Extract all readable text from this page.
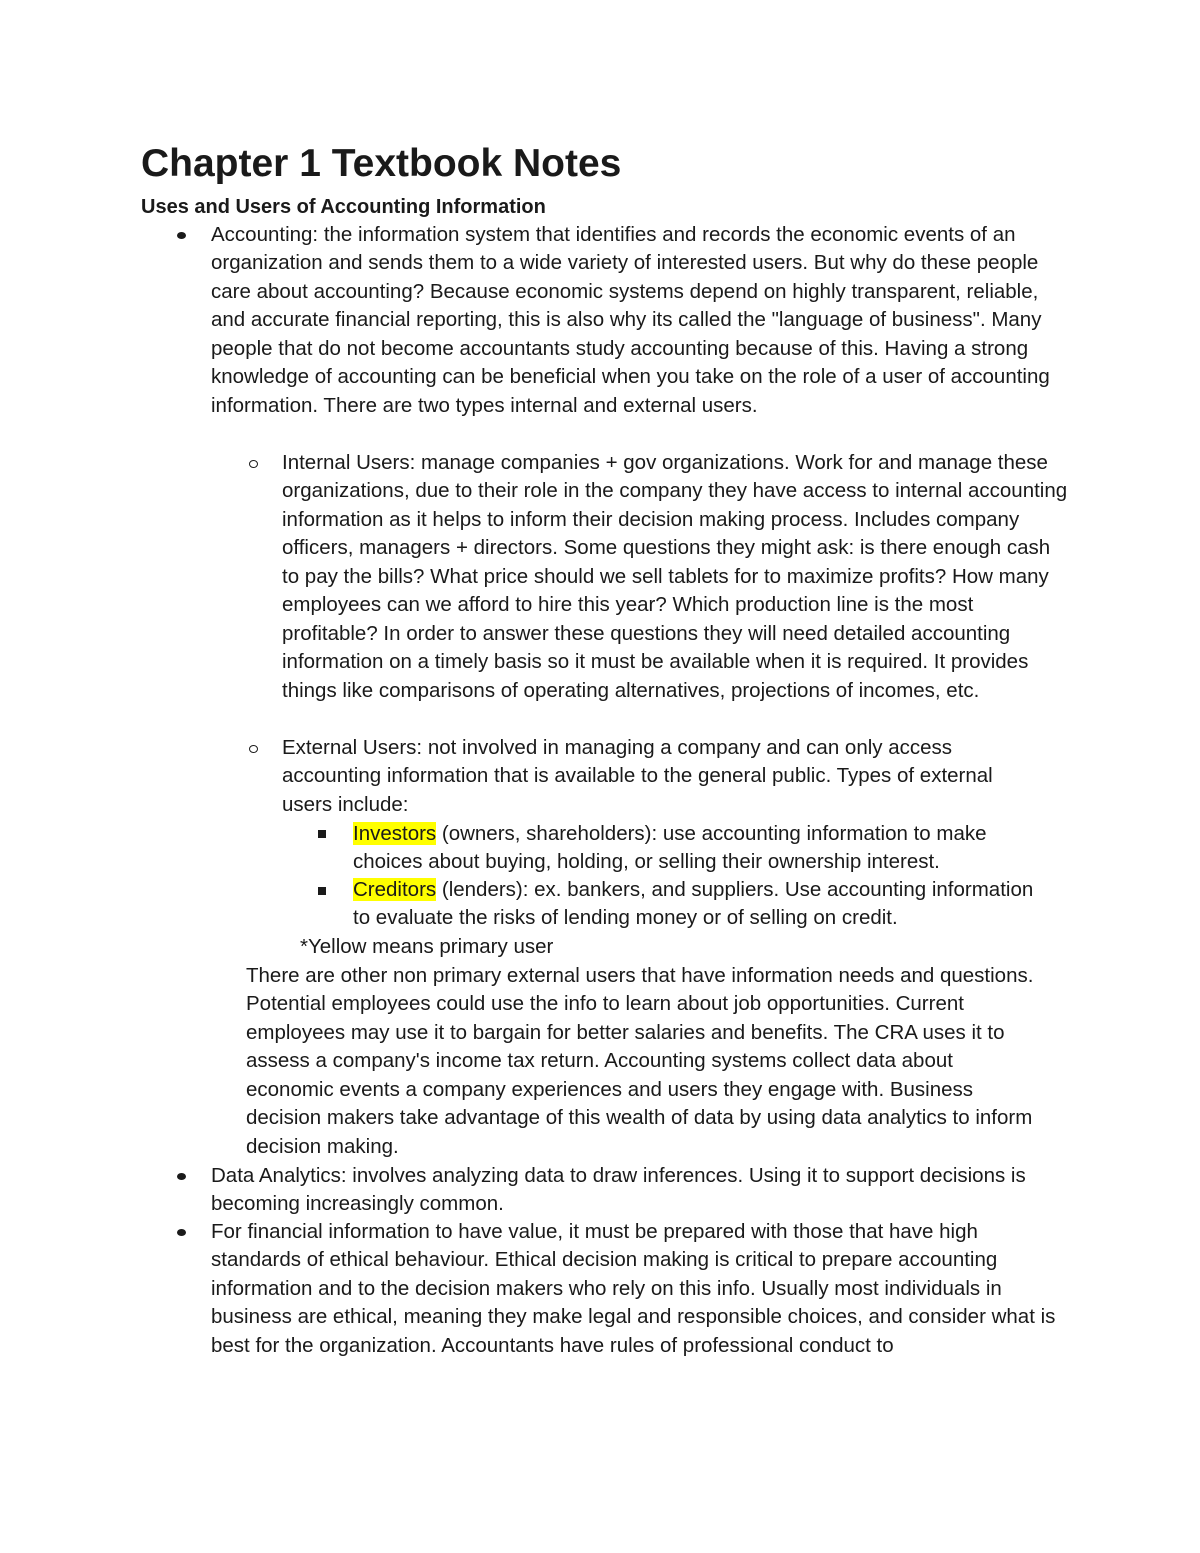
Chapter 1 Textbook Notes
Uses and Users of Accounting Information

Accounting: the information system that identifies and records the economic events of an organization and sends them to a wide variety of interested users. But why do these people care about accounting? Because economic systems depend on highly transparent, reliable, and accurate financial reporting, this is also why its called the "language of business". Many people that do not become accountants study accounting because of this. Having a strong knowledge of accounting can be beneficial when you take on the role of a user of accounting information. There are two types internal and external users.

Internal Users: manage companies + gov organizations. Work for and manage these organizations, due to their role in the company they have access to internal accounting information as it helps to inform their decision making process. Includes company officers, managers + directors. Some questions they might ask: is there enough cash to pay the bills? What price should we sell tablets for to maximize profits? How many employees can we afford to hire this year? Which production line is the most profitable? In order to answer these questions they will need detailed accounting information on a timely basis so it must be available when it is required. It provides things like comparisons of operating alternatives, projections of incomes, etc.

External Users: not involved in managing a company and can only access accounting information that is available to the general public. Types of external users include:

Investors (owners, shareholders): use accounting information to make choices about buying, holding, or selling their ownership interest.

Creditors (lenders): ex. bankers, and suppliers. Use accounting information to evaluate the risks of lending money or of selling on credit.

*Yellow means primary user

There are other non primary external users that have information needs and questions. Potential employees could use the info to learn about job opportunities. Current employees may use it to bargain for better salaries and benefits. The CRA uses it to assess a company's income tax return. Accounting systems collect data about economic events a company experiences and users they engage with. Business decision makers take advantage of this wealth of data by using data analytics to inform decision making.

Data Analytics: involves analyzing data to draw inferences. Using it to support decisions is becoming increasingly common.

For financial information to have value, it must be prepared with those that have high standards of ethical behaviour. Ethical decision making is critical to prepare accounting information and to the decision makers who rely on this info. Usually most individuals in business are ethical, meaning they make legal and responsible choices, and consider what is best for the organization. Accountants have rules of professional conduct to
